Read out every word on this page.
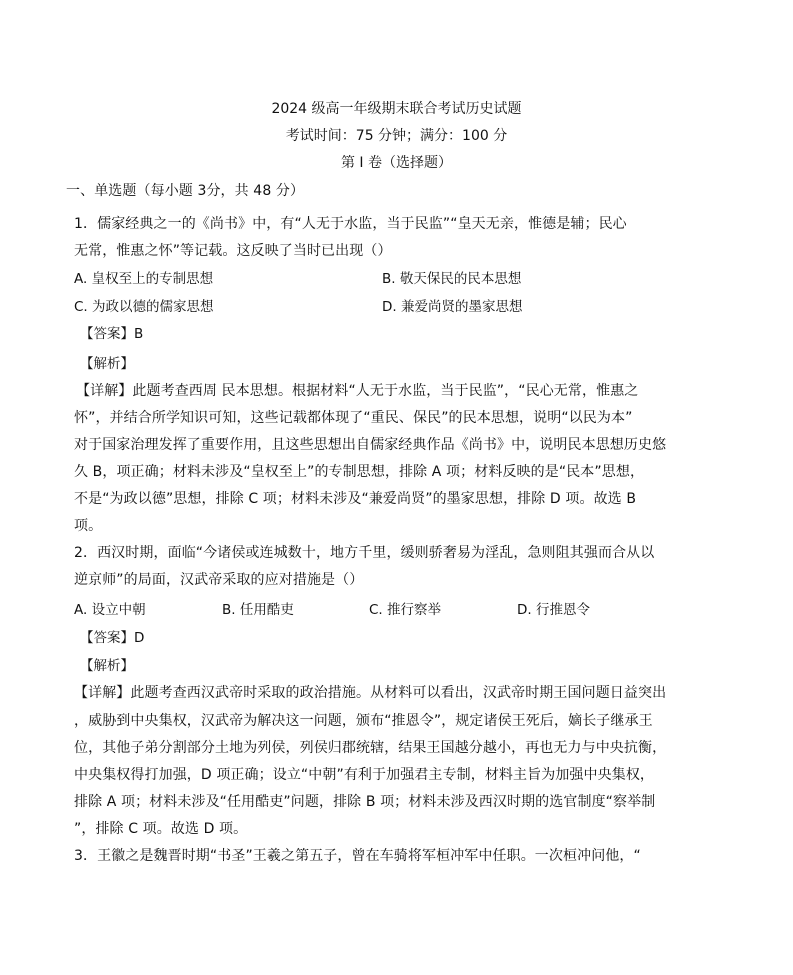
2024 级高一年级期末联合考试历史试题
考试时间：75 分钟；满分：100 分
第 I 卷（选择题）
一、单选题（每小题 3分，共 48 分）
1．儒家经典之一的《尚书》中，有“人无于水监，当于民监”“皇天无亲，惟德是辅；民心
无常，惟惠之怀”等记载。这反映了当时已出现（）
A. 皇权至上的专制思想	B. 敬天保民的民本思想
C. 为政以德的儒家思想	D. 兼爱尚贤的墨家思想
【答案】B
【解析】
【详解】此题考查西周 民本思想。根据材料“人无于水监，当于民监”，“民心无常，惟惠之
怀”，并结合所学知识可知，这些记载都体现了“重民、保民”的民本思想，说明“以民为本”
对于国家治理发挥了重要作用，且这些思想出自儒家经典作品《尚书》中，说明民本思想历史悠
久 B，项正确；材料未涉及“皇权至上”的专制思想，排除 A 项；材料反映的是“民本”思想，
不是“为政以德”思想，排除 C 项；材料未涉及“兼爱尚贤”的墨家思想，排除 D 项。故选 B
项。
2．西汉时期，面临“今诸侯或连城数十，地方千里，缓则骄奢易为淫乱，急则阻其强而合从以
逆京师”的局面，汉武帝采取的应对措施是（）
A. 设立中朝	B. 任用酷吏	C. 推行察举	D. 行推恩令
【答案】D
【解析】
【详解】此题考查西汉武帝时采取的政治措施。从材料可以看出，汉武帝时期王国问题日益突出
，威胁到中央集权，汉武帝为解决这一问题，颁布“推恩令”，规定诸侯王死后，嫡长子继承王
位，其他子弟分割部分土地为列侯，列侯归郡统辖，结果王国越分越小，再也无力与中央抗衡，
中央集权得打加强，D 项正确；设立“中朝”有利于加强君主专制，材料主旨为加强中央集权，
排除 A 项；材料未涉及“任用酷吏”问题，排除 B 项；材料未涉及西汉时期的选官制度“察举制
”，排除 C 项。故选 D 项。
3．王徽之是魏晋时期“书圣”王羲之第五子，曾在车骑将军桓冲军中任职。一次桓冲问他，“
